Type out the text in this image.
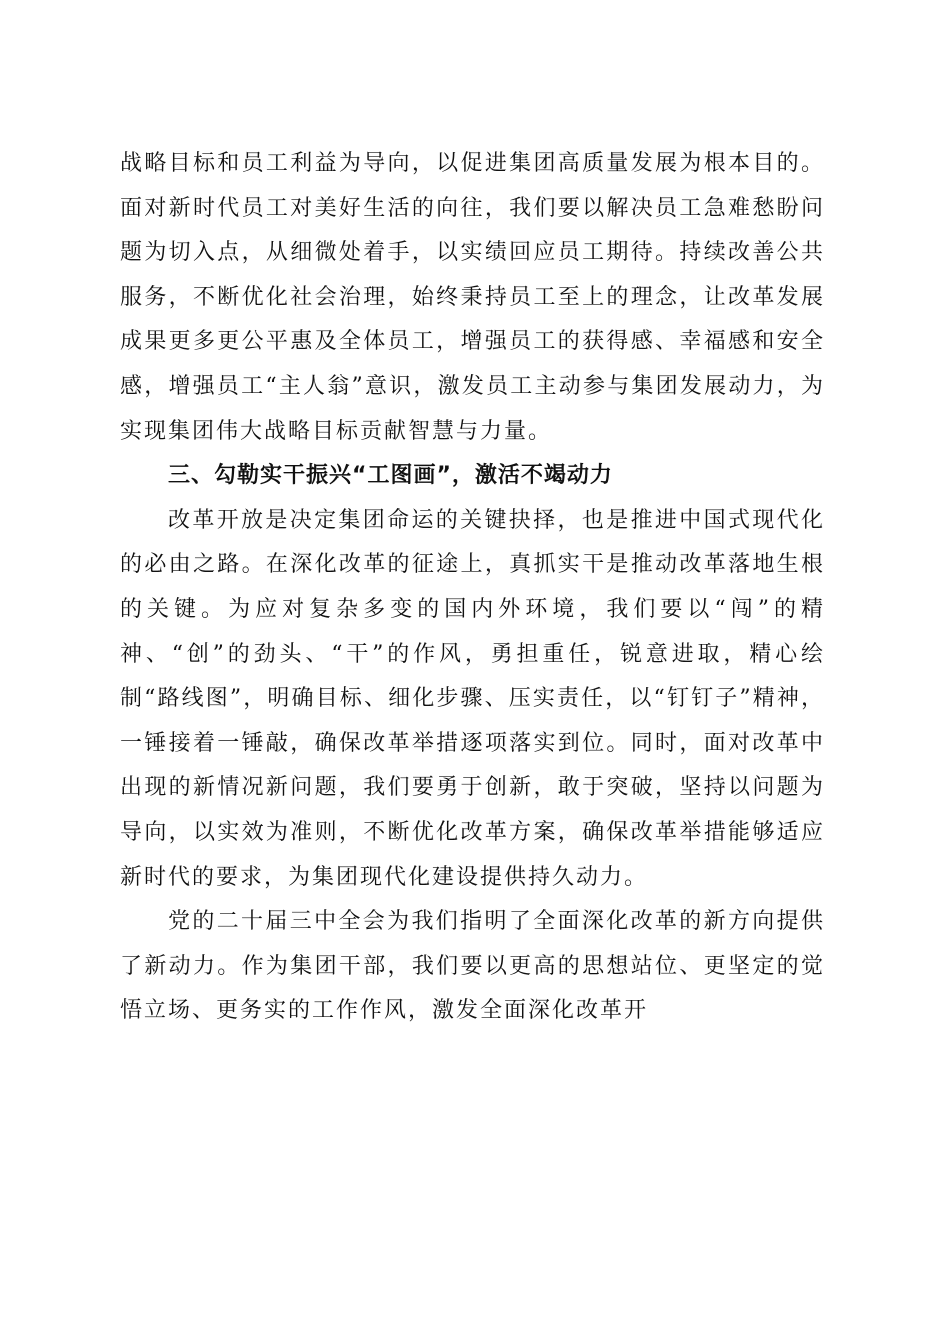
战略目标和员工利益为导向，以促进集团高质量发展为根本目的。面对新时代员工对美好生活的向往，我们要以解决员工急难愁盼问题为切入点，从细微处着手，以实绩回应员工期待。持续改善公共服务，不断优化社会治理，始终秉持员工至上的理念，让改革发展成果更多更公平惠及全体员工，增强员工的获得感、幸福感和安全感，增强员工“主人翁”意识，激发员工主动参与集团发展动力，为实现集团伟大战略目标贡献智慧与力量。

三、勾勒实干振兴“工图画”，激活不竭动力

改革开放是决定集团命运的关键抉择，也是推进中国式现代化的必由之路。在深化改革的征途上，真抓实干是推动改革落地生根的关键。为应对复杂多变的国内外环境，我们要以“闯”的精神、“创”的劲头、“干”的作风，勇担重任，锐意进取，精心绘制“路线图”，明确目标、细化步骤、压实责任，以“钉钉子”精神，一锤接着一锤敲，确保改革举措逐项落实到位。同时，面对改革中出现的新情况新问题，我们要勇于创新，敢于突破，坚持以问题为导向，以实效为准则，不断优化改革方案，确保改革举措能够适应新时代的要求，为集团现代化建设提供持久动力。

党的二十届三中全会为我们指明了全面深化改革的新方向提供了新动力。作为集团干部，我们要以更高的思想站位、更坚定的觉悟立场、更务实的工作作风，激发全面深化改革开
